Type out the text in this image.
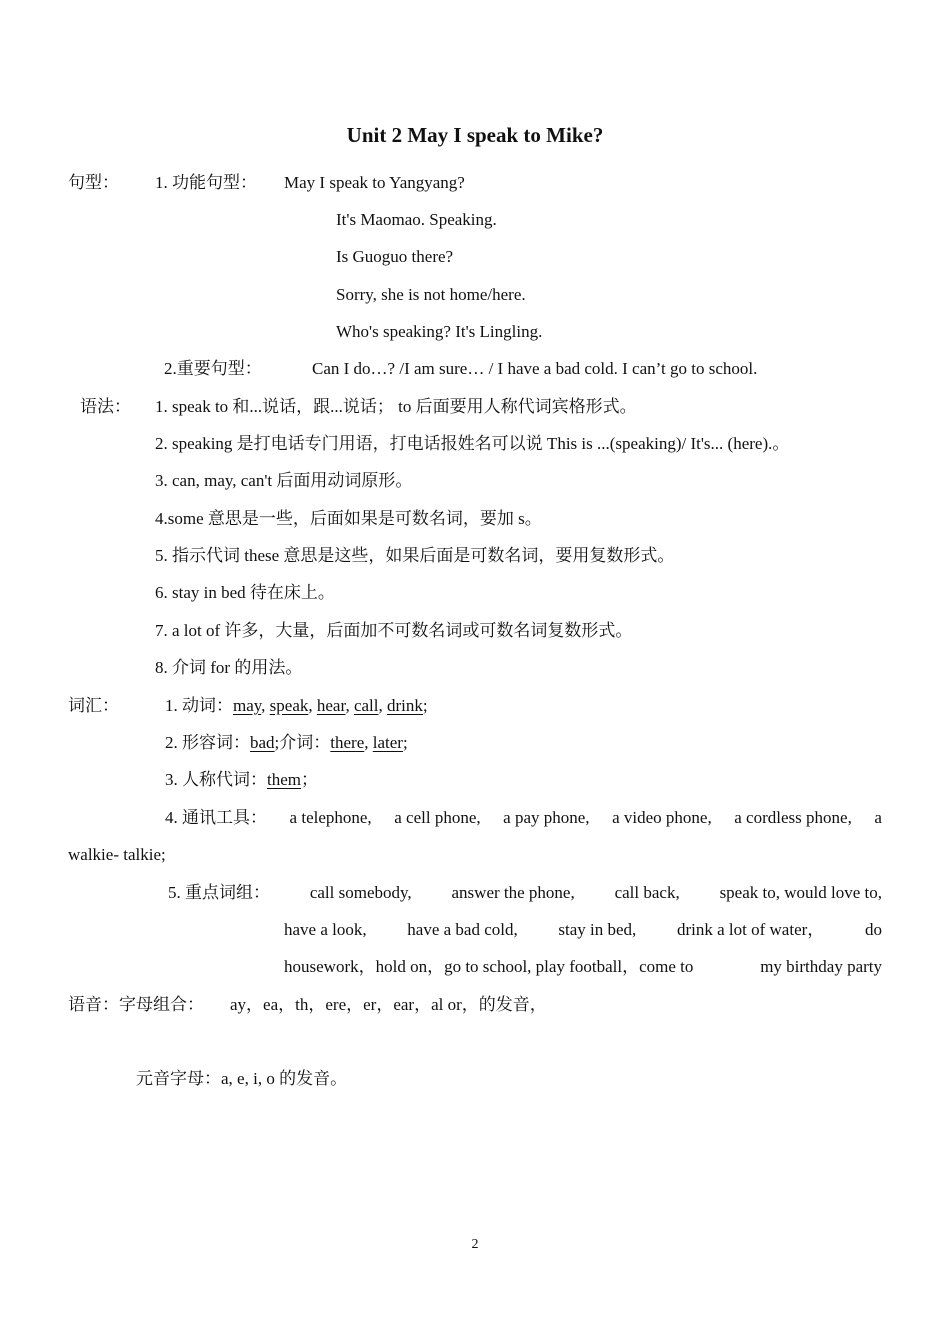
Unit 2 May I speak to Mike?
句型： 1. 功能句型： May I speak to Yangyang?
It's Maomao. Speaking.
Is Guoguo there?
Sorry, she is not home/here.
Who's speaking? It's Lingling.
2.重要句型：	Can I do…? /I am sure… / I have a bad cold. I can’t go to school.
语法： 1. speak to 和...说话，跟...说话； to 后面要用人称代词宾格形式。
2. speaking 是打电话专门用语，打电话报姓名可以说 This is ...(speaking)/ It's... (here).。
3. can, may, can't 后面用动词原形。
4.some 意思是一些，后面如果是可数名词，要加 s。
5. 指示代词 these 意思是这些，如果后面是可数名词，要用复数形式。
6. stay in bed 待在床上。
7. a lot of 许多，大量，后面加不可数名词或可数名词复数形式。
8. 介词 for 的用法。
词汇：	1. 动词：may, speak, hear, call, drink;
2. 形容词：bad;介词：there, later;
3. 人称代词：them；
4. 通讯工具： a telephone, a cell phone, a pay phone, a video phone, a cordless phone, a
walkie- talkie;
5. 重点词组： call somebody, answer the phone, call back, speak to, would love to,
have a look, have a bad cold, stay in bed, drink a lot of water， do
housework，hold on，go to school, play football，come to	my birthday party
语音：字母组合： ay，ea，th，ere，er，ear，al or，的发音，
元音字母：a, e, i, o 的发音。
2
